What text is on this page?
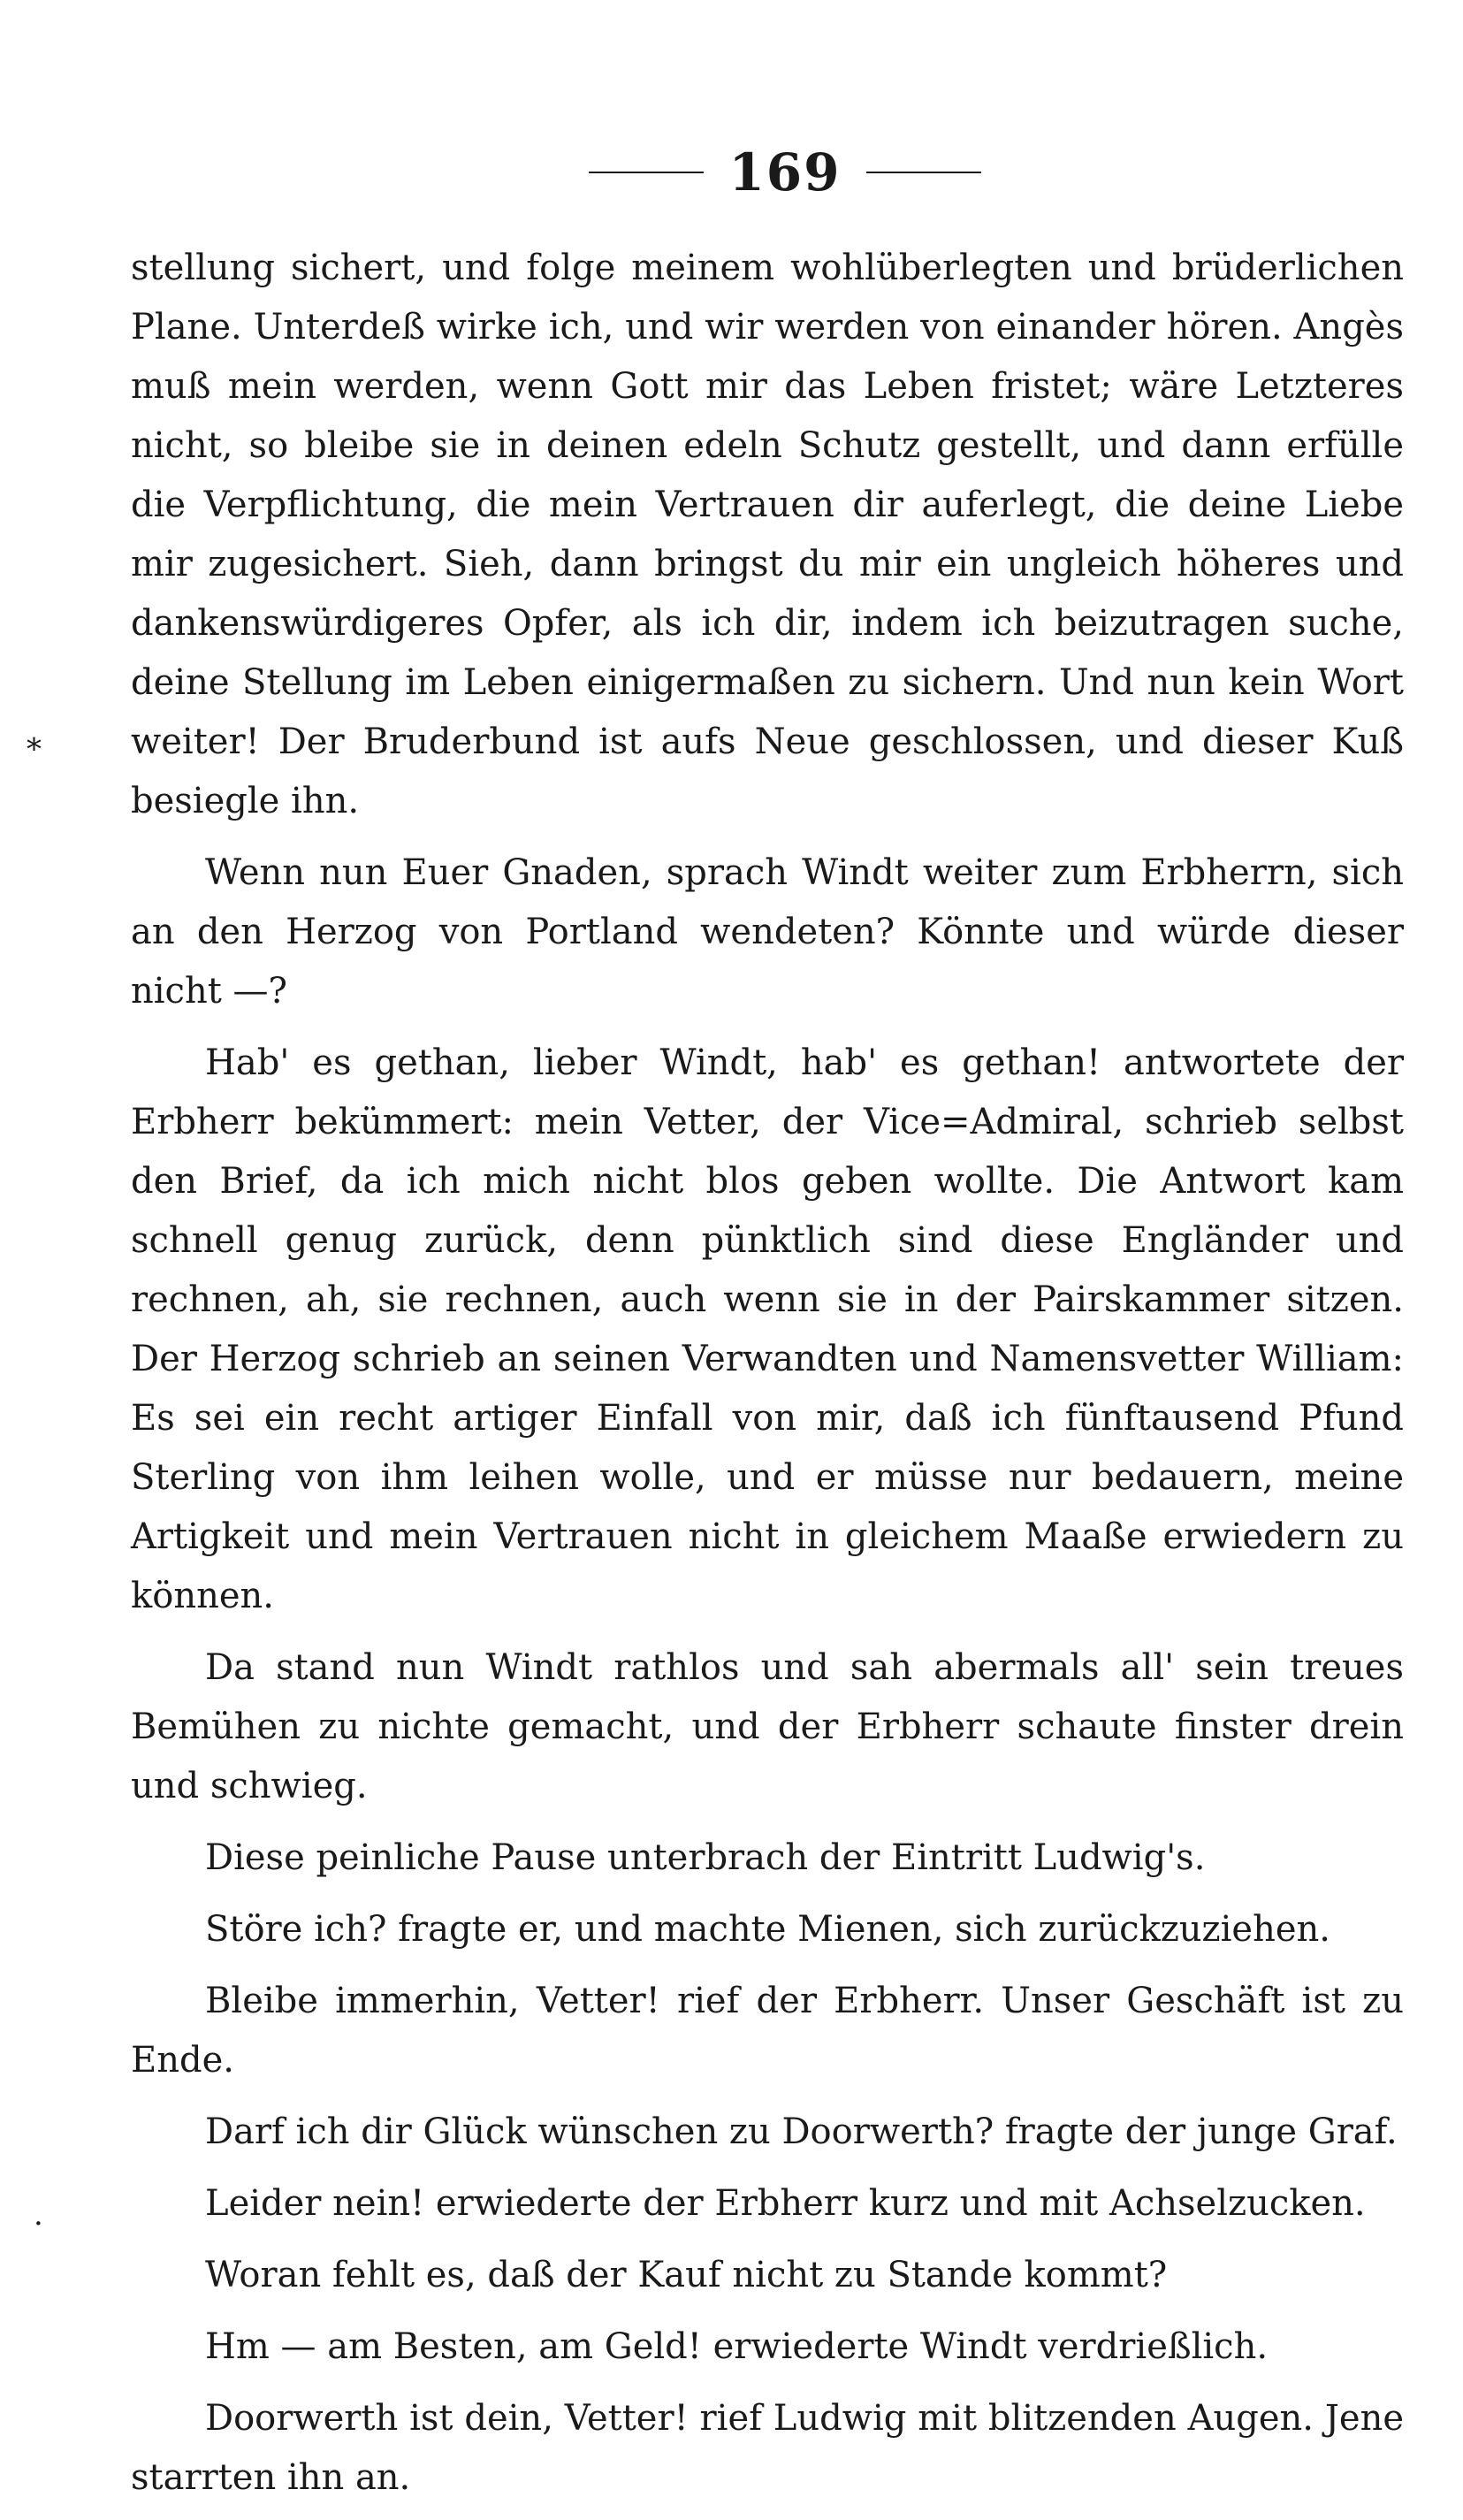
⁎
·
169

stellung sichert, und folge meinem wohlüberlegten und brüderlichen Plane. Unterdeß wirke ich, und wir werden von einander hören. Angès muß mein werden, wenn Gott mir das Leben fristet; wäre Letzteres nicht, so bleibe sie in deinen edeln Schutz gestellt, und dann erfülle die Verpflichtung, die mein Vertrauen dir auferlegt, die deine Liebe mir zugesichert. Sieh, dann bringst du mir ein ungleich höheres und dankenswürdigeres Opfer, als ich dir, indem ich beizutragen suche, deine Stellung im Leben einigermaßen zu sichern. Und nun kein Wort weiter! Der Bruderbund ist aufs Neue geschlossen, und dieser Kuß besiegle ihn.

Wenn nun Euer Gnaden, sprach Windt weiter zum Erbherrn, sich an den Herzog von Portland wendeten? Könnte und würde dieser nicht —?

Hab' es gethan, lieber Windt, hab' es gethan! antwortete der Erbherr bekümmert: mein Vetter, der Vice=Admiral, schrieb selbst den Brief, da ich mich nicht blos geben wollte. Die Antwort kam schnell genug zurück, denn pünktlich sind diese Engländer und rechnen, ah, sie rechnen, auch wenn sie in der Pairskammer sitzen. Der Herzog schrieb an seinen Verwandten und Namensvetter William: Es sei ein recht artiger Einfall von mir, daß ich fünftausend Pfund Sterling von ihm leihen wolle, und er müsse nur bedauern, meine Artigkeit und mein Vertrauen nicht in gleichem Maaße erwiedern zu können.

Da stand nun Windt rathlos und sah abermals all' sein treues Bemühen zu nichte gemacht, und der Erbherr schaute finster drein und schwieg.

Diese peinliche Pause unterbrach der Eintritt Ludwig's.

Störe ich? fragte er, und machte Mienen, sich zurückzuziehen.

Bleibe immerhin, Vetter! rief der Erbherr. Unser Geschäft ist zu Ende.

Darf ich dir Glück wünschen zu Doorwerth? fragte der junge Graf.

Leider nein! erwiederte der Erbherr kurz und mit Achselzucken.

Woran fehlt es, daß der Kauf nicht zu Stande kommt?

Hm — am Besten, am Geld! erwiederte Windt verdrießlich.

Doorwerth ist dein, Vetter! rief Ludwig mit blitzenden Augen. Jene starrten ihn an.
